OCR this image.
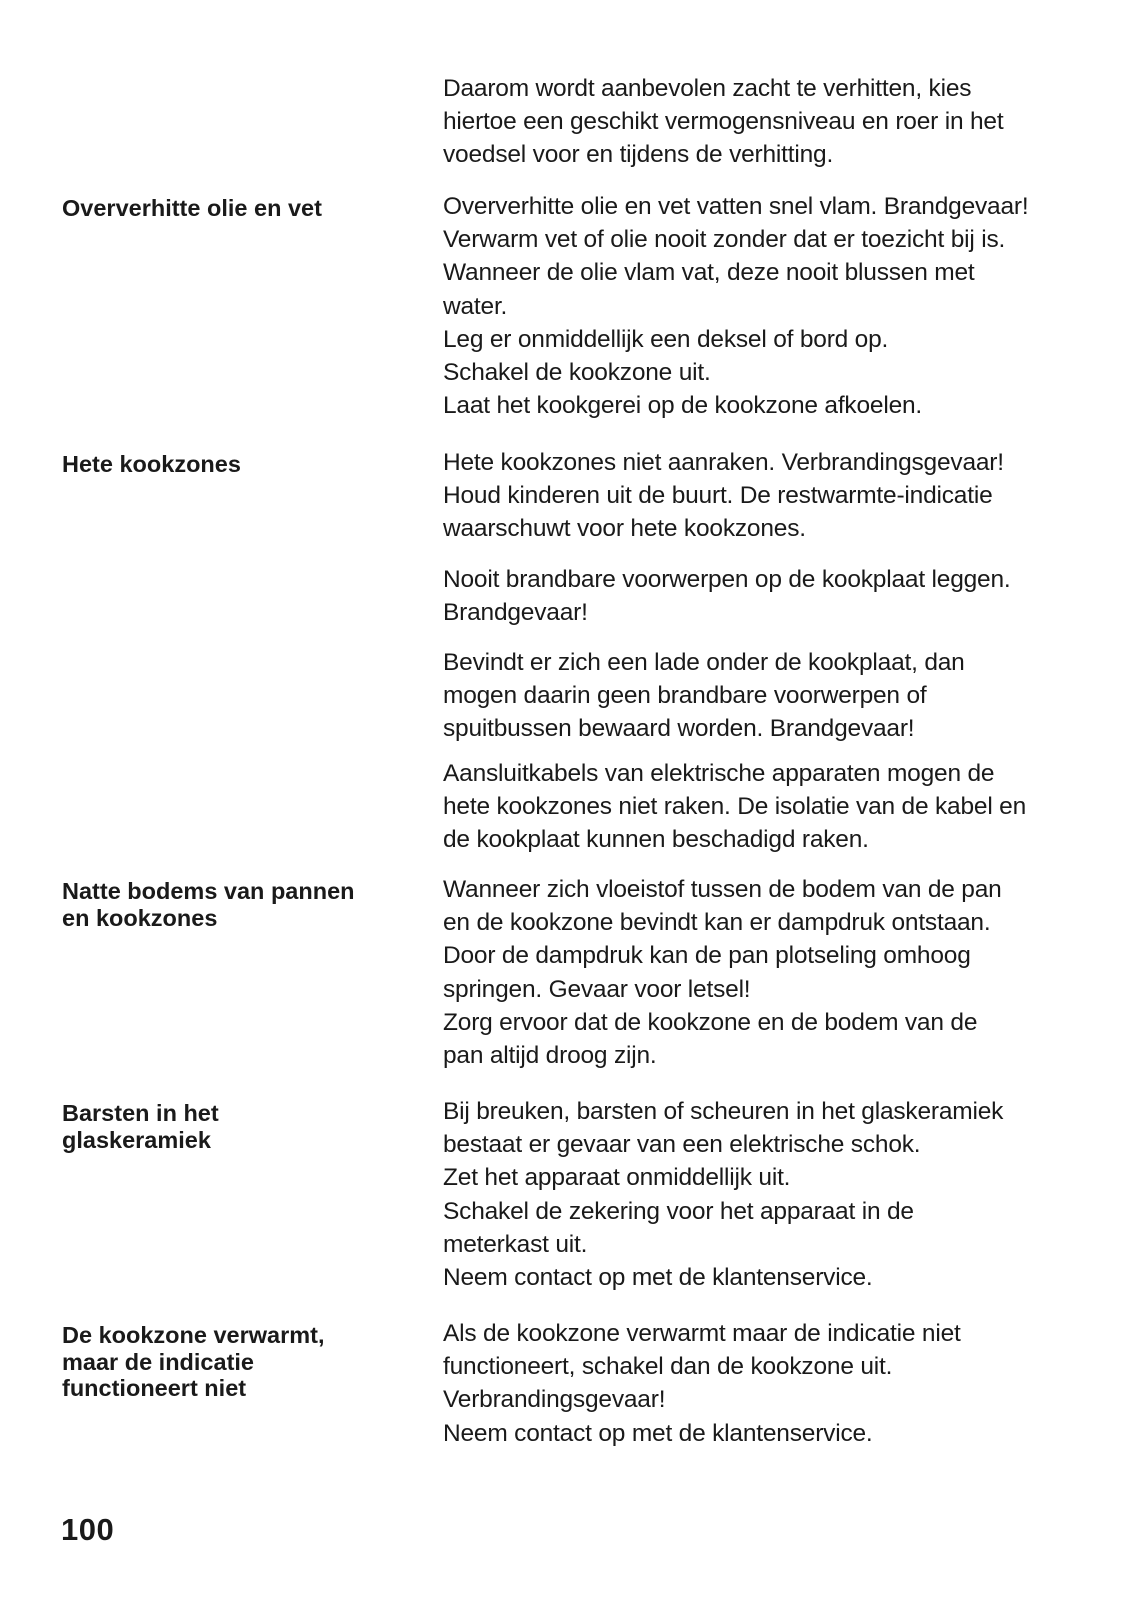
Daarom wordt aanbevolen zacht te verhitten, kies
hiertoe een geschikt vermogensniveau en roer in het
voedsel voor en tijdens de verhitting.
Oververhitte olie en vet	Oververhitte olie en vet vatten snel vlam. Brandgevaar!
Verwarm vet of olie nooit zonder dat er toezicht bij is.
Wanneer de olie vlam vat, deze nooit blussen met
water.
Leg er onmiddellijk een deksel of bord op.
Schakel de kookzone uit.
Laat het kookgerei op de kookzone afkoelen.
Hete kookzones	Hete kookzones niet aanraken. Verbrandingsgevaar!
Houd kinderen uit de buurt. De restwarmte-indicatie
waarschuwt voor hete kookzones.
Nooit brandbare voorwerpen op de kookplaat leggen.
Brandgevaar!
Bevindt er zich een lade onder de kookplaat, dan
mogen daarin geen brandbare voorwerpen of
spuitbussen bewaard worden. Brandgevaar!
Aansluitkabels van elektrische apparaten mogen de
hete kookzones niet raken. De isolatie van de kabel en
de kookplaat kunnen beschadigd raken.
Natte bodems van pannen
en kookzones
Wanneer zich vloeistof tussen de bodem van de pan
en de kookzone bevindt kan er dampdruk ontstaan.
Door de dampdruk kan de pan plotseling omhoog
springen. Gevaar voor letsel!
Zorg ervoor dat de kookzone en de bodem van de
pan altijd droog zijn.
Barsten in het
glaskeramiek
Bij breuken, barsten of scheuren in het glaskeramiek
bestaat er gevaar van een elektrische schok.
Zet het apparaat onmiddellijk uit.
Schakel de zekering voor het apparaat in de
meterkast uit.
Neem contact op met de klantenservice.
De kookzone verwarmt,
maar de indicatie
functioneert niet
Als de kookzone verwarmt maar de indicatie niet
functioneert, schakel dan de kookzone uit.
Verbrandingsgevaar!
Neem contact op met de klantenservice.
100
